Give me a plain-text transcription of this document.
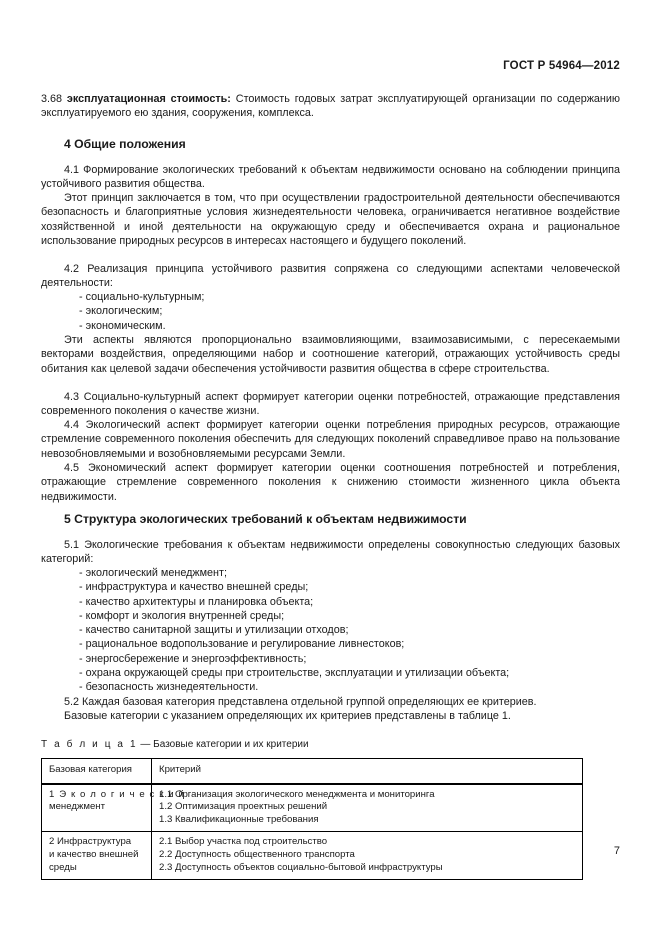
ГОСТ Р 54964—2012

3.68 эксплуатационная стоимость: Стоимость годовых затрат эксплуатирующей организации по содержанию эксплуатируемого ею здания, сооружения, комплекса.

4 Общие положения

4.1 Формирование экологических требований к объектам недвижимости основано на соблюдении принципа устойчивого развития общества.

Этот принцип заключается в том, что при осуществлении градостроительной деятельности обеспечиваются безопасность и благоприятные условия жизнедеятельности человека, ограничивается негативное воздействие хозяйственной и иной деятельности на окружающую среду и обеспечивается охрана и рациональное использование природных ресурсов в интересах настоящего и будущего поколений.

4.2 Реализация принципа устойчивого развития сопряжена со следующими аспектами человеческой деятельности:

- социально-культурным;

- экологическим;

- экономическим.

Эти аспекты являются пропорционально взаимовлияющими, взаимозависимыми, с пересекаемыми векторами воздействия, определяющими набор и соотношение категорий, отражающих устойчивость среды обитания как целевой задачи обеспечения устойчивости развития общества в сфере строительства.

4.3 Социально-культурный аспект формирует категории оценки потребностей, отражающие представления современного поколения о качестве жизни.

4.4 Экологический аспект формирует категории оценки потребления природных ресурсов, отражающие стремление современного поколения обеспечить для следующих поколений справедливое право на пользование невозобновляемыми и возобновляемыми ресурсами Земли.

4.5 Экономический аспект формирует категории оценки соотношения потребностей и потребления, отражающие стремление современного поколения к снижению стоимости жизненного цикла объекта недвижимости.

5 Структура экологических требований к объектам недвижимости

5.1 Экологические требования к объектам недвижимости определены совокупностью следующих базовых категорий:

- экологический менеджмент;

- инфраструктура и качество внешней среды;

- качество архитектуры и планировка объекта;

- комфорт и экология внутренней среды;

- качество санитарной защиты и утилизации отходов;

- рациональное водопользование и регулирование ливнестоков;

- энергосбережение и энергоэффективность;

- охрана окружающей среды при строительстве, эксплуатации и утилизации объекта;

- безопасность жизнедеятельности.

5.2 Каждая базовая категория представлена отдельной группой определяющих ее критериев.

Базовые категории с указанием определяющих их критериев представлены в таблице 1.

Т а б л и ц а 1 — Базовые категории и их критерии
Базовая категория	Критерий

1 Э к о л о г и ч е с к и й
менеджмент	1.1 Организация экологического менеджмента и мониторинга
1.2 Оптимизация проектных решений
1.3 Квалификационные требования

2 Инфраструктура
и качество внешней
среды	2.1 Выбор участка под строительство
2.2 Доступность общественного транспорта
2.3 Доступность объектов социально-бытовой инфраструктуры
7
